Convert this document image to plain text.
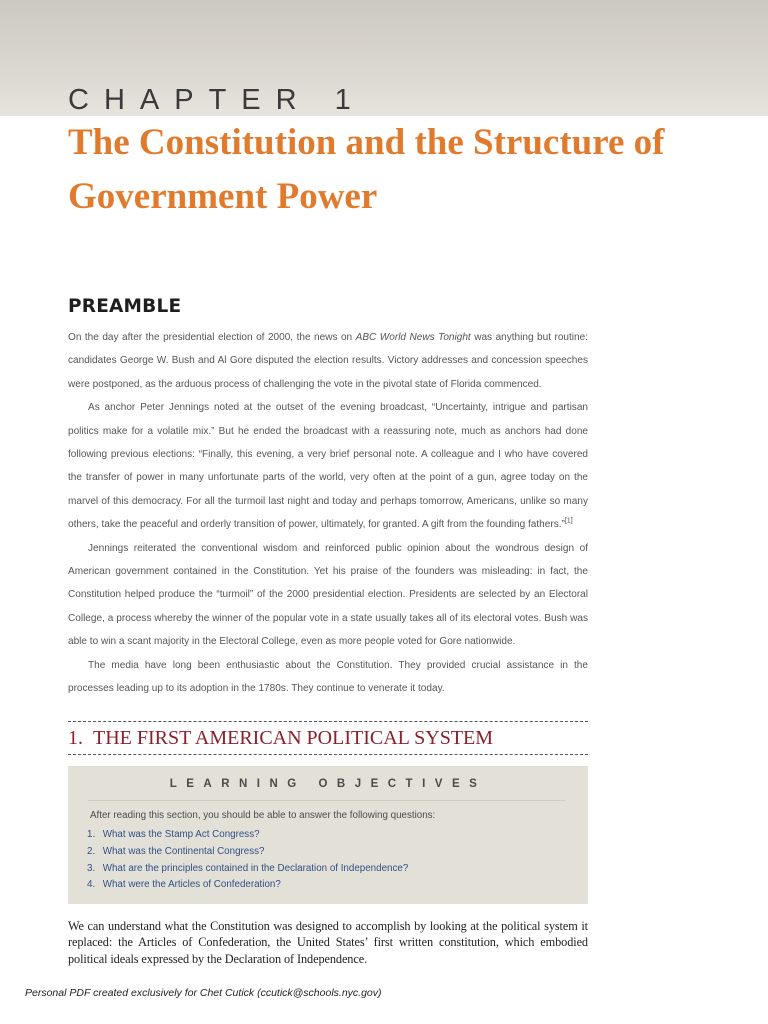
CHAPTER 1
The Constitution and the Structure of Government Power
PREAMBLE

On the day after the presidential election of 2000, the news on ABC World News Tonight was anything but routine: candidates George W. Bush and Al Gore disputed the election results. Victory addresses and concession speeches were postponed, as the arduous process of challenging the vote in the pivotal state of Florida commenced.

As anchor Peter Jennings noted at the outset of the evening broadcast, “Uncertainty, intrigue and partisan politics make for a volatile mix.” But he ended the broadcast with a reassuring note, much as anchors had done following previous elections: “Finally, this evening, a very brief personal note. A colleague and I who have covered the transfer of power in many unfortunate parts of the world, very often at the point of a gun, agree today on the marvel of this democracy. For all the turmoil last night and today and perhaps tomorrow, Americans, unlike so many others, take the peaceful and orderly transition of power, ultimately, for granted. A gift from the founding fathers.”[1]

Jennings reiterated the conventional wisdom and reinforced public opinion about the wondrous design of American government contained in the Constitution. Yet his praise of the founders was misleading: in fact, the Constitution helped produce the “turmoil” of the 2000 presidential election. Presidents are selected by an Electoral College, a process whereby the winner of the popular vote in a state usually takes all of its electoral votes. Bush was able to win a scant majority in the Electoral College, even as more people voted for Gore nationwide.

The media have long been enthusiastic about the Constitution. They provided crucial assistance in the processes leading up to its adoption in the 1780s. They continue to venerate it today.

1. THE FIRST AMERICAN POLITICAL SYSTEM
LEARNING OBJECTIVES
After reading this section, you should be able to answer the following questions:
1. What was the Stamp Act Congress?
2. What was the Continental Congress?
3. What are the principles contained in the Declaration of Independence?
4. What were the Articles of Confederation?

We can understand what the Constitution was designed to accomplish by looking at the political system it replaced: the Articles of Confederation, the United States’ first written constitution, which embodied political ideals expressed by the Declaration of Independence.

Personal PDF created exclusively for Chet Cutick (ccutick@schools.nyc.gov)
